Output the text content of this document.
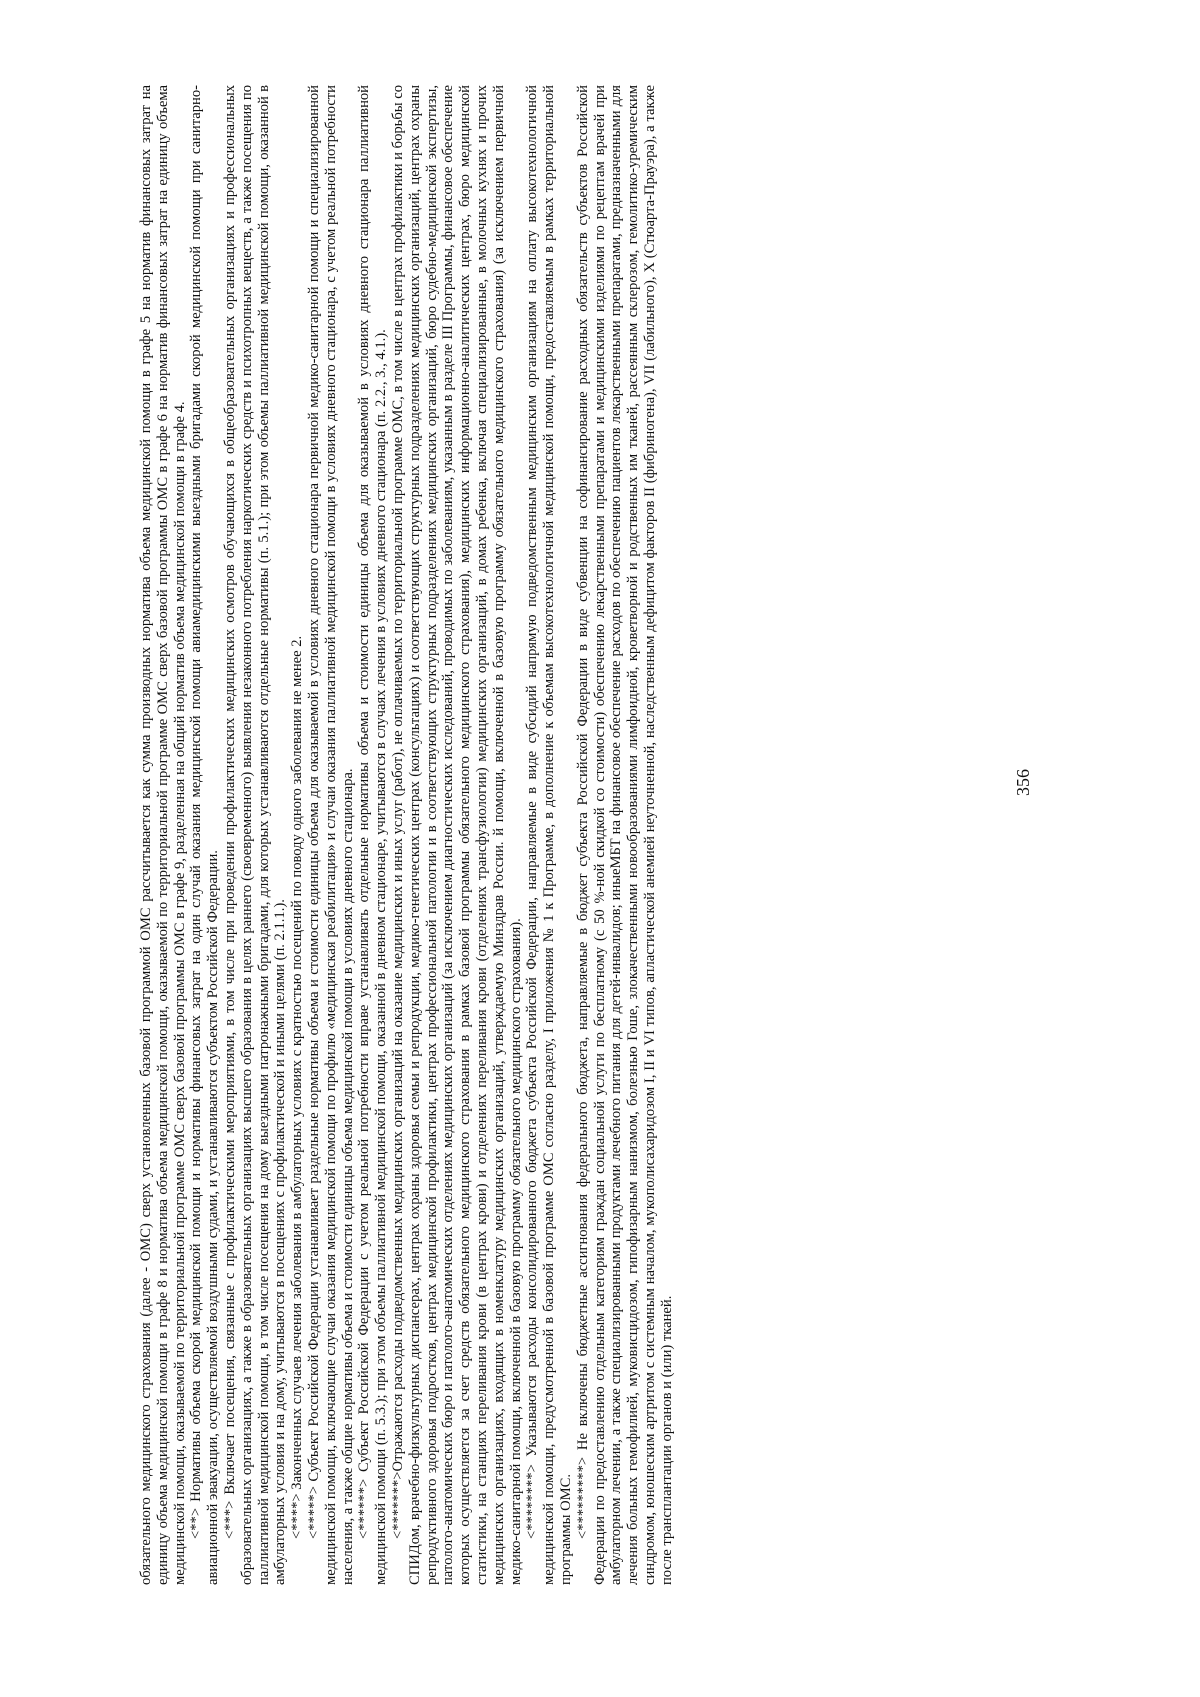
обязательного медицинского страхования (далее - ОМС) сверх установленных базовой программой ОМС рассчитывается как сумма производных норматива объема медицинской помощи в графе 5 на норматив финансовых затрат на единицу объема медицинской помощи в графе 8 и норматива объема медицинской помощи, оказываемой по территориальной программе ОМС сверх базовой программы ОМС в графе 6 на норматив финансовых затрат на единицу объема медицинской помощи, оказываемой по территориальной программе ОМС сверх базовой программы ОМС в графе 9, разделенная на общий норматив объема медицинской помощи в графе 4. <**> Нормативы объема скорой медицинской помощи и нормативы финансовых затрат на один случай оказания медицинской помощи авиамедицинскими выездными бригадами скорой медицинской помощи при санитарно-авиационной эвакуации, осуществляемой воздушными судами, и устанавливаются субъектом Российской Федерации. <***> Включает посещения, связанные с профилактическими мероприятиями, в том числе при проведении профилактических медицинских осмотров обучающихся в общеобразовательных организациях и профессиональных образовательных организациях, а также в образовательных организациях высшего образования в целях раннего (своевременного) выявления незаконного потребления наркотических средств и психотропных веществ, а также посещения по паллиативной медицинской помощи, в том числе посещения на дому выездными патронажными бригадами, для которых устанавливаются отдельные нормативы (п. 5.1.); при этом объемы паллиативной медицинской помощи, оказанной в амбулаторных условия и на дому, учитываются в посещениях с профилактической и иными целями (п. 2.1.1.). <****> Законченных случаев лечения заболевания в амбулаторных условиях с кратностью посещений по поводу одного заболевания не менее 2. <*****> Субъект Российской Федерации устанавливает раздельные нормативы объема и стоимости единицы объема для оказываемой в условиях дневного стационара первичной медико-санитарной помощи и специализированной медицинской помощи, включающие случаи оказания медицинской помощи по профилю «медицинская реабилитация» и случаи оказания паллиативной медицинской помощи в условиях дневного стационара, с учетом реальной потребности населения, а также общие нормативы объема и стоимости единицы объема медицинской помощи в условиях дневного стационара. <******> Субъект Российской Федерации с учетом реальной потребности вправе устанавливать отдельные нормативы объема и стоимости единицы объема для оказываемой в условиях дневного стационара паллиативной медицинской помощи (п. 5.3.); при этом объемы паллиативной медицинской помощи, оказанной в дневном стационаре, учитываются в случаях лечения в условиях дневного стационара (п. 2.2., 3., 4.1.). <*******>Отражаются расходы подведомственных медицинских организаций на оказание медицинских и иных услуг (работ), не оплачиваемых по территориальной программе ОМС, в том числе в центрах профилактики и борьбы со СПИДом, врачебно-физкультурных диспансерах, центрах охраны здоровья семьи и репродукции, медико-генетических центрах (консультациях) и соответствующих структурных подразделениях медицинских организаций, центрах охраны репродуктивного здоровья подростков, центрах медицинской профилактики, центрах профессиональной патологии и в соответствующих структурных подразделениях медицинских организаций, бюро судебно-медицинской экспертизы, патолого-анатомических бюро и патолого-анатомических отделениях медицинских организаций (за исключением диагностических исследований, проводимых по заболеваниям, указанным в разделе III Программы, финансовое обеспечение которых осуществляется за счет средств обязательного медицинского страхования в рамках базовой программы обязательного медицинского страхования), медицинских информационно-аналитических центрах, бюро медицинской статистики, на станциях переливания крови (в центрах крови) и отделениях переливания крови (отделениях трансфузиологии) медицинских организаций, в домах ребенка, включая специализированные, в молочных кухнях и прочих медицинских организациях, входящих в номенклатуру медицинских организаций, утверждаемую Минздрав России. й помощи, включенной в базовую программу обязательного медицинского страхования) (за исключением первичной медико-санитарной помощи, включенной в базовую программу обязательного медицинского страхования). <********> Указываются расходы консолидированного бюджета субъекта Российской Федерации, направляемые в виде субсидий напрямую подведомственным медицинским организациям на оплату высокотехнологичной медицинской помощи, предусмотренной в базовой программе ОМС согласно разделу, I приложения № 1 к Программе, в дополнение к объемам высокотехнологичной медицинской помощи, предоставляемым в рамках территориальной программы ОМС. <*********> Не включены бюджетные ассигнования федерального бюджета, направляемые в бюджет субъекта Российской Федерации в виде субвенции на софинансирование расходных обязательств субъектов Российской Федерации по предоставлению отдельным категориям граждан социальной услуги по бесплатному (с 50 %-ной скидкой со стоимости) обеспечению лекарственными препаратами и медицинскими изделиями по рецептам врачей при амбулаторном лечении, а также специализированными продуктами лечебного питания для детей-инвалидов; иныеМБТ на финансовое обеспечение расходов по обеспечению пациентов лекарственными препаратами, предназначенными для лечения больных гемофилией, муковисцидозом, гипофизарным нанизмом, болезнью Гоше, злокачественными новообразованиями лимфоидной, кроветворной и родственных им тканей, рассеянным склерозом, гемолитико-уремическим синдромом, юношеским артритом с системным началом, мукополисахаридозом I, II и VI типов, апластической анемией неуточненной, наследственным дефицитом факторов II (фибриногена), VII (лабильного), X (Стюарта-Прауэра), а также после трансплантации органов и (или) тканей.

356
